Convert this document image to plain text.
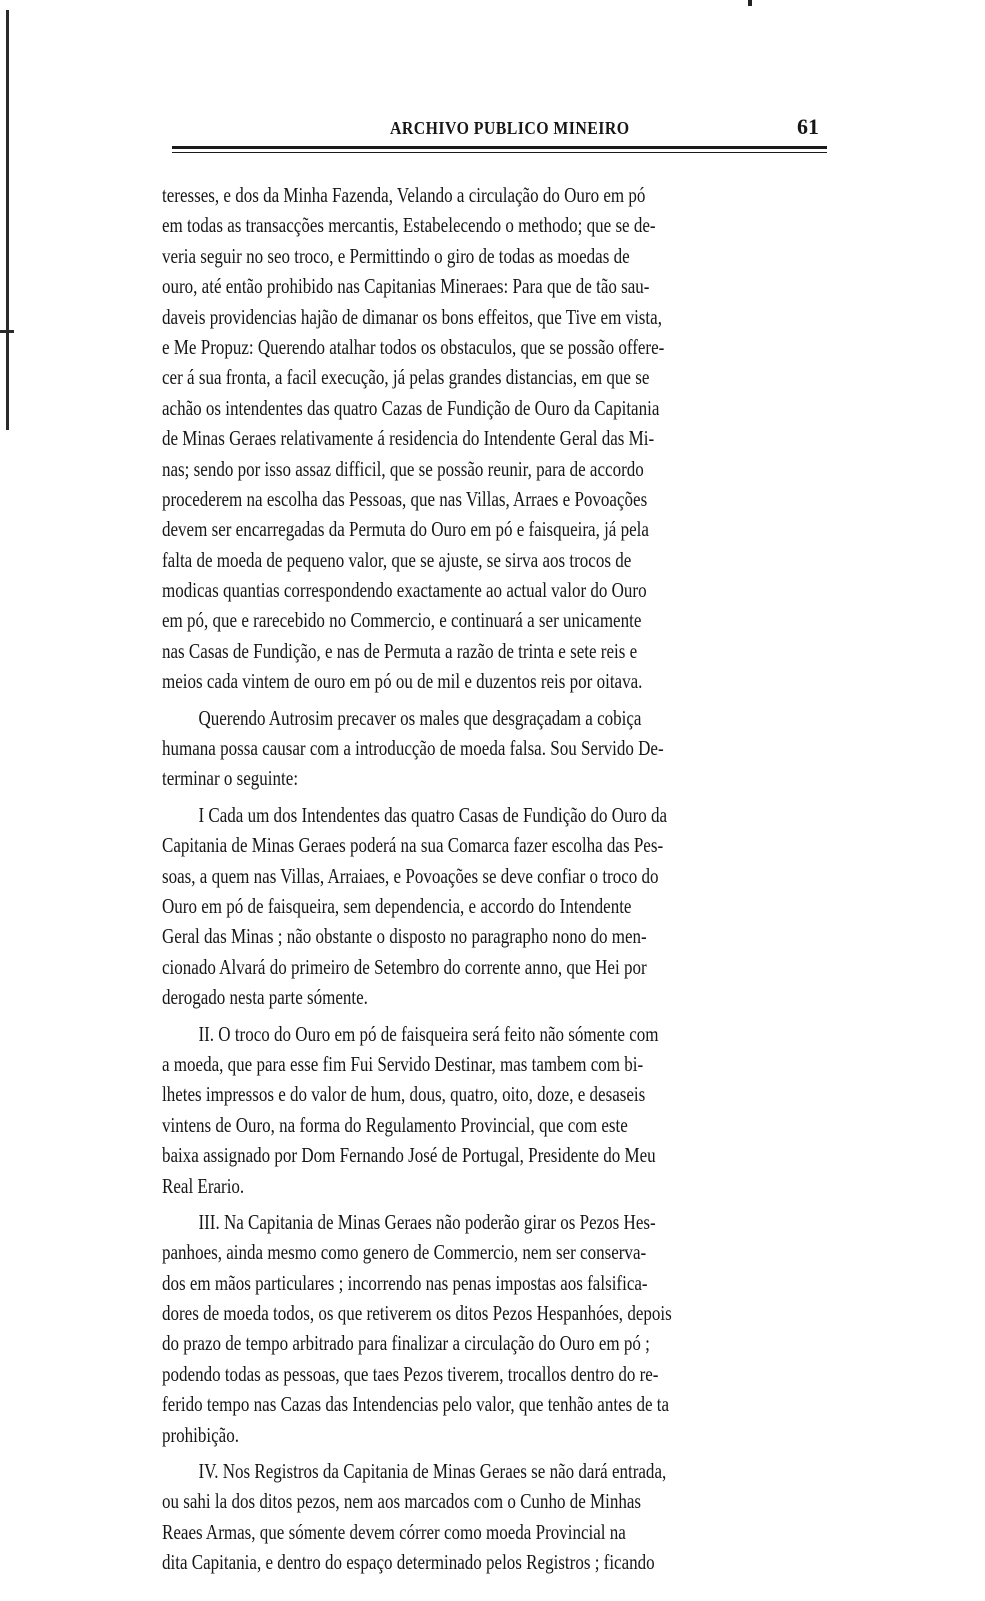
ARCHIVO PUBLICO MINEIRO	61
teresses, e dos da Minha Fazenda, Velando a circulação do Ouro em pó
em todas as transacções mercantis, Estabelecendo o methodo; que se de-
veria seguir no seo troco, e Permittindo o giro de todas as moedas de
ouro, até então prohibido nas Capitanias Mineraes: Para que de tão sau-
daveis providencias hajão de dimanar os bons effeitos, que Tive em vista,
e Me Propuz: Querendo atalhar todos os obstaculos, que se possão offere-
cer á sua fronta, a facil execução, já pelas grandes distancias, em que se
achão os intendentes das quatro Cazas de Fundição de Ouro da Capitania
de Minas Geraes relativamente á residencia do Intendente Geral das Mi-
nas; sendo por isso assaz difficil, que se possão reunir, para de accordo
procederem na escolha das Pessoas, que nas Villas, Arraes e Povoações
devem ser encarregadas da Permuta do Ouro em pó e faisqueira, já pela
falta de moeda de pequeno valor, que se ajuste, se sirva aos trocos de
modicas quantias correspondendo exactamente ao actual valor do Ouro
em pó, que e rarecebido no Commercio, e continuará a ser unicamente
nas Casas de Fundição, e nas de Permuta a razão de trinta e sete reis e
meios cada vintem de ouro em pó ou de mil e duzentos reis por oitava.
Querendo Autrosim precaver os males que desgraçadam a cobiça
humana possa causar com a introducção de moeda falsa. Sou Servido De-
terminar o seguinte:
I Cada um dos Intendentes das quatro Casas de Fundição do Ouro da
Capitania de Minas Geraes poderá na sua Comarca fazer escolha das Pes-
soas, a quem nas Villas, Arraiaes, e Povoações se deve confiar o troco do
Ouro em pó de faisqueira, sem dependencia, e accordo do Intendente
Geral das Minas ; não obstante o disposto no paragrapho nono do men-
cionado Alvará do primeiro de Setembro do corrente anno, que Hei por
derogado nesta parte sómente.
II. O troco do Ouro em pó de faisqueira será feito não sómente com
a moeda, que para esse fim Fui Servido Destinar, mas tambem com bi-
lhetes impressos e do valor de hum, dous, quatro, oito, doze, e desaseis
vintens de Ouro, na forma do Regulamento Provincial, que com este
baixa assignado por Dom Fernando José de Portugal, Presidente do Meu
Real Erario.
III. Na Capitania de Minas Geraes não poderão girar os Pezos Hes-
panhoes, ainda mesmo como genero de Commercio, nem ser conserva-
dos em mãos particulares ; incorrendo nas penas impostas aos falsifica-
dores de moeda todos, os que retiverem os ditos Pezos Hespanhóes, depois
do prazo de tempo arbitrado para finalizar a circulação do Ouro em pó ;
podendo todas as pessoas, que taes Pezos tiverem, trocallos dentro do re-
ferido tempo nas Cazas das Intendencias pelo valor, que tenhão antes de ta
prohibição.
IV. Nos Registros da Capitania de Minas Geraes se não dará entrada,
ou sahi la dos ditos pezos, nem aos marcados com o Cunho de Minhas
Reaes Armas, que sómente devem córrer como moeda Provincial na
dita Capitania, e dentro do espaço determinado pelos Registros ; ficando
